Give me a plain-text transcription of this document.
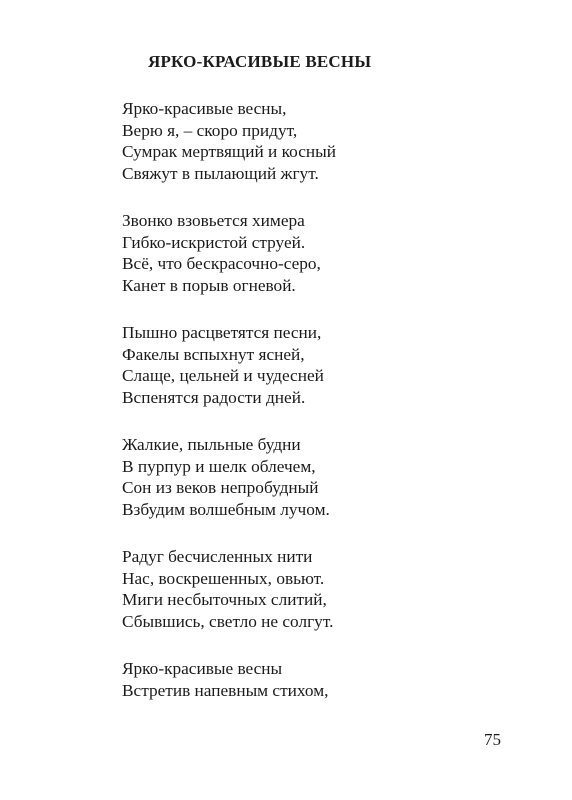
ЯРКО-КРАСИВЫЕ ВЕСНЫ
Ярко-красивые весны,
Верю я, – скоро придут,
Сумрак мертвящий и косный
Свяжут в пылающий жгут.
Звонко взовьется химера
Гибко-искристой струей.
Всё, что бескрасочно-серо,
Канет в порыв огневой.
Пышно расцветятся песни,
Факелы вспыхнут ясней,
Слаще, цельней и чудесней
Вспенятся радости дней.
Жалкие, пыльные будни
В пурпур и шелк облечем,
Сон из веков непробудный
Взбудим волшебным лучом.
Радуг бесчисленных нити
Нас, воскрешенных, овьют.
Миги несбыточных слитий,
Сбывшись, светло не солгут.
Ярко-красивые весны
Встретив напевным стихом,
75
